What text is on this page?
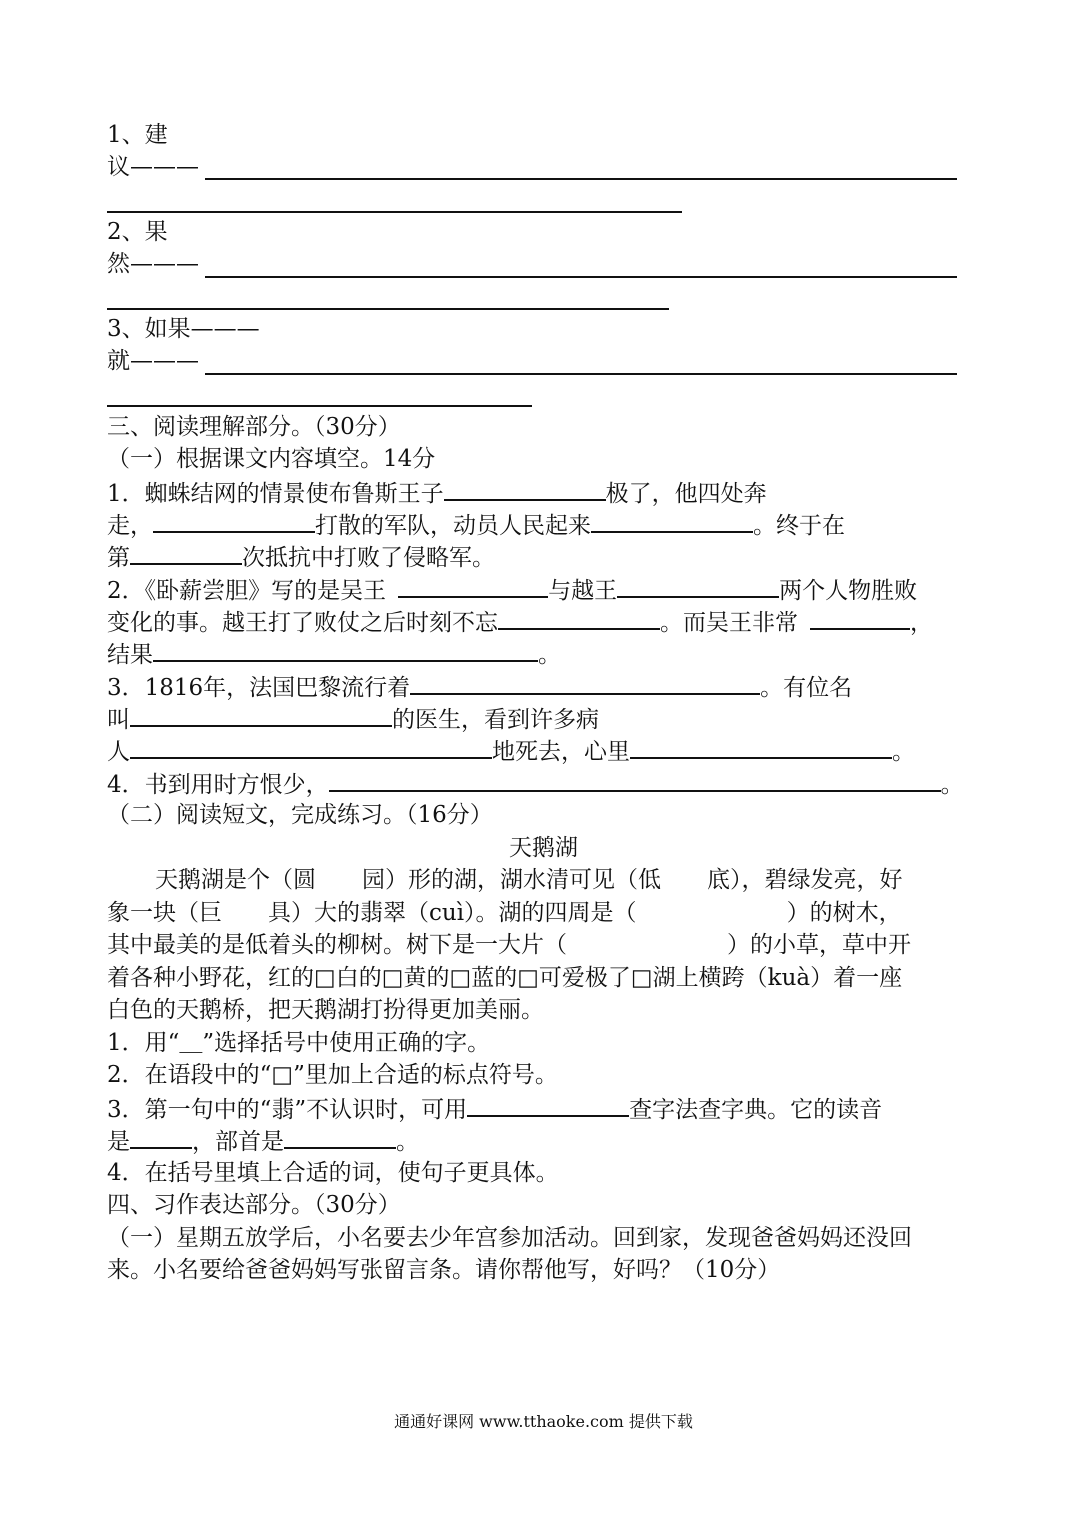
1、建
议———
2、果
然———
3、如果———
就———
三、阅读理解部分。（30分）
（一）根据课文内容填空。14分
1．蜘蛛结网的情景使布鲁斯王子	极了，他四处奔
走，	打散的军队，动员人民起来	。终于在
第	次抵抗中打败了侵略军。
2．《卧薪尝胆》写的是吴王	与越王	两个人物胜败
变化的事。越王打了败仗之后时刻不忘	。而吴王非常	，
结果	。
3．1816年，法国巴黎流行着	。有位名
叫	的医生，看到许多病
人	地死去，心里	。
4．书到用时方恨少，	。
（二）阅读短文，完成练习。（16分）
天鹅湖
天鹅湖是个（圆 园）形的湖，湖水清可见（低 底），碧绿发亮，好
象一块（巨 具）大的翡翠（cuì）。湖的四周是（	）的树木，
其中最美的是低着头的柳树。树下是一大片（	）的小草，草中开
着各种小野花，红的□白的□黄的□蓝的□可爱极了□湖上横跨（kuà）着一座
白色的天鹅桥，把天鹅湖打扮得更加美丽。
1．用“＿”选择括号中使用正确的字。
2．在语段中的“□”里加上合适的标点符号。
3．第一句中的“翡”不认识时，可用	查字法查字典。它的读音
是	，部首是	。
4．在括号里填上合适的词，使句子更具体。
四、习作表达部分。（30分）
（一）星期五放学后，小名要去少年宫参加活动。回到家，发现爸爸妈妈还没回
来。小名要给爸爸妈妈写张留言条。请你帮他写，好吗？（10分）
通通好课网 www.tthaoke.com 提供下载
